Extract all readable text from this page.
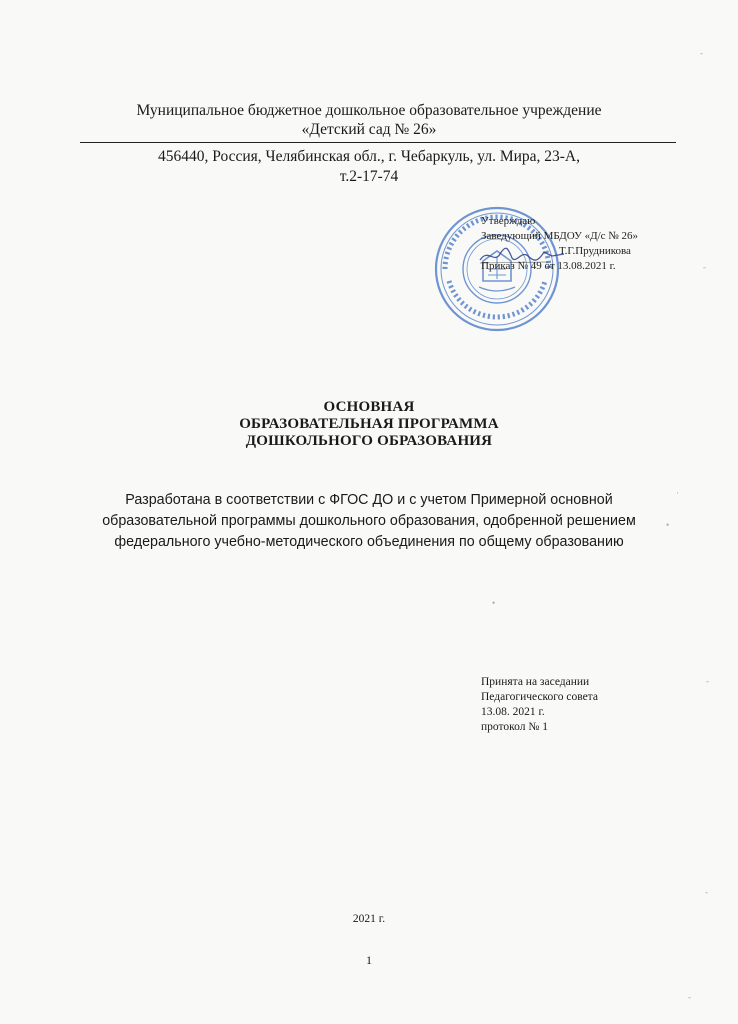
Муниципальное бюджетное дошкольное образовательное учреждение
«Детский сад № 26»
456440, Россия, Челябинская обл., г. Чебаркуль, ул. Мира, 23-А,
т.2-17-74
Утверждаю
Заведующий МБДОУ «Д/с № 26»
Т.Г.Прудникова
Приказ № 49 от 13.08.2021 г.
ОСНОВНАЯ
ОБРАЗОВАТЕЛЬНАЯ ПРОГРАММА
ДОШКОЛЬНОГО ОБРАЗОВАНИЯ
Разработана в соответствии с ФГОС ДО и с учетом Примерной основной
образовательной программы дошкольного образования, одобренной решением
федерального учебно-методического объединения по общему образованию
Принята на заседании
Педагогического совета
13.08. 2021 г.
протокол № 1
2021 г.
1
-
-
·
•
•
-
-
-
